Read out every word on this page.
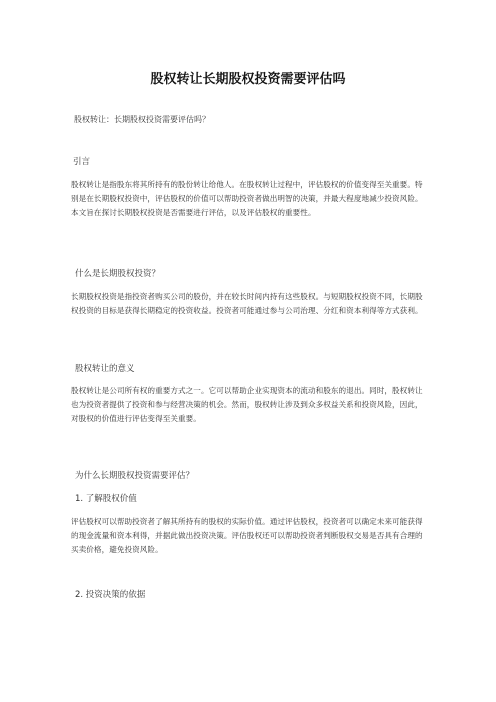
股权转让长期股权投资需要评估吗
股权转让：长期股权投资需要评估吗？
引言
股权转让是指股东将其所持有的股份转让给他人。在股权转让过程中，评估股权的价值变得至关重要。特别是在长期股权投资中，评估股权的价值可以帮助投资者做出明智的决策，并最大程度地减少投资风险。本文旨在探讨长期股权投资是否需要进行评估，以及评估股权的重要性。
什么是长期股权投资？
长期股权投资是指投资者购买公司的股份，并在较长时间内持有这些股权。与短期股权投资不同，长期股权投资的目标是获得长期稳定的投资收益。投资者可能通过参与公司治理、分红和资本利得等方式获利。
股权转让的意义
股权转让是公司所有权的重要方式之一。它可以帮助企业实现资本的流动和股东的退出。同时，股权转让也为投资者提供了投资和参与经营决策的机会。然而，股权转让涉及到众多权益关系和投资风险，因此，对股权的价值进行评估变得至关重要。
为什么长期股权投资需要评估？
1. 了解股权价值
评估股权可以帮助投资者了解其所持有的股权的实际价值。通过评估股权，投资者可以确定未来可能获得的现金流量和资本利得，并据此做出投资决策。评估股权还可以帮助投资者判断股权交易是否具有合理的买卖价格，避免投资风险。
2. 投资决策的依据
